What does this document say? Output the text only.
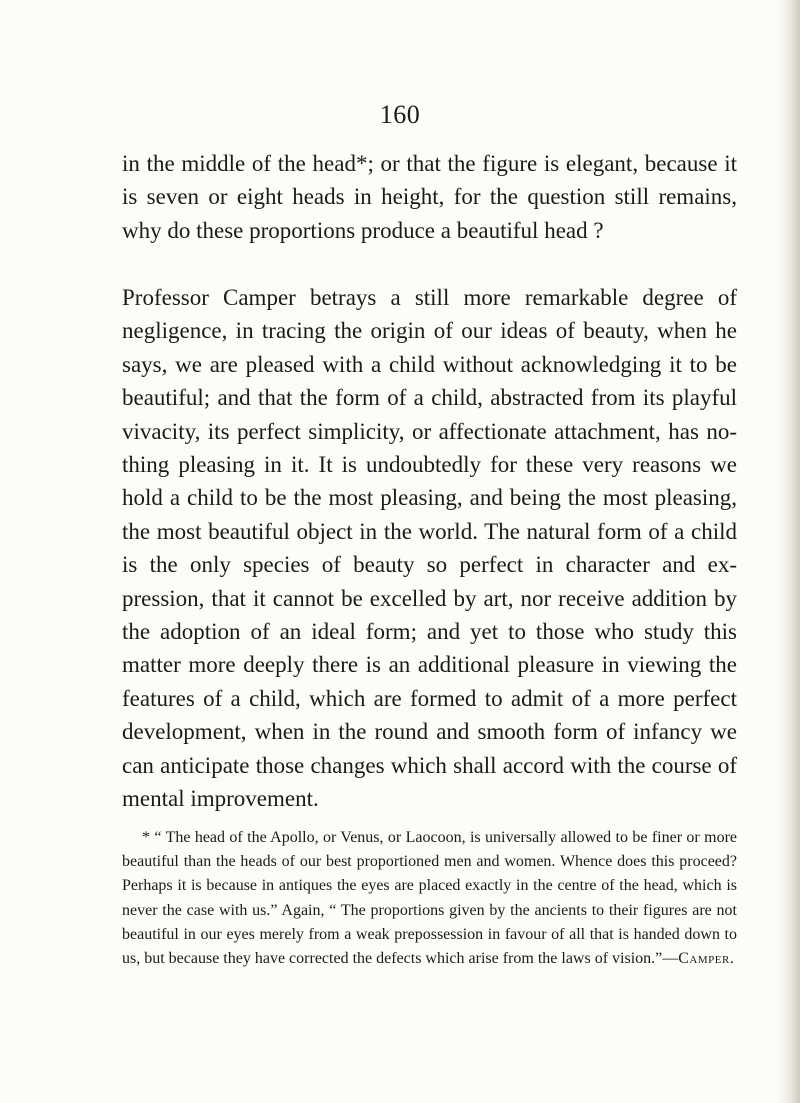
160

in the middle of the head*; or that the figure is elegant, because it is seven or eight heads in height, for the question still remains, why do these proportions produce a beautiful head ?

Professor Camper betrays a still more remarkable degree of negligence, in tracing the origin of our ideas of beauty, when he says, we are pleased with a child without acknowledging it to be beautiful; and that the form of a child, abstracted from its playful vivacity, its perfect simplicity, or affectionate attachment, has no- thing pleasing in it. It is undoubtedly for these very reasons we hold a child to be the most pleasing, and being the most pleasing, the most beautiful object in the world. The natural form of a child is the only species of beauty so perfect in character and ex- pression, that it cannot be excelled by art, nor receive addition by the adoption of an ideal form; and yet to those who study this matter more deeply there is an additional pleasure in viewing the features of a child, which are formed to admit of a more perfect development, when in the round and smooth form of infancy we can anticipate those changes which shall accord with the course of mental improvement.

* “ The head of the Apollo, or Venus, or Laocoon, is universally allowed to be finer or more beautiful than the heads of our best proportioned men and women. Whence does this proceed? Perhaps it is because in antiques the eyes are placed exactly in the centre of the head, which is never the case with us.” Again, “ The proportions given by the ancients to their figures are not beautiful in our eyes merely from a weak prepossession in favour of all that is handed down to us, but because they have corrected the defects which arise from the laws of vision.”—Camper.
